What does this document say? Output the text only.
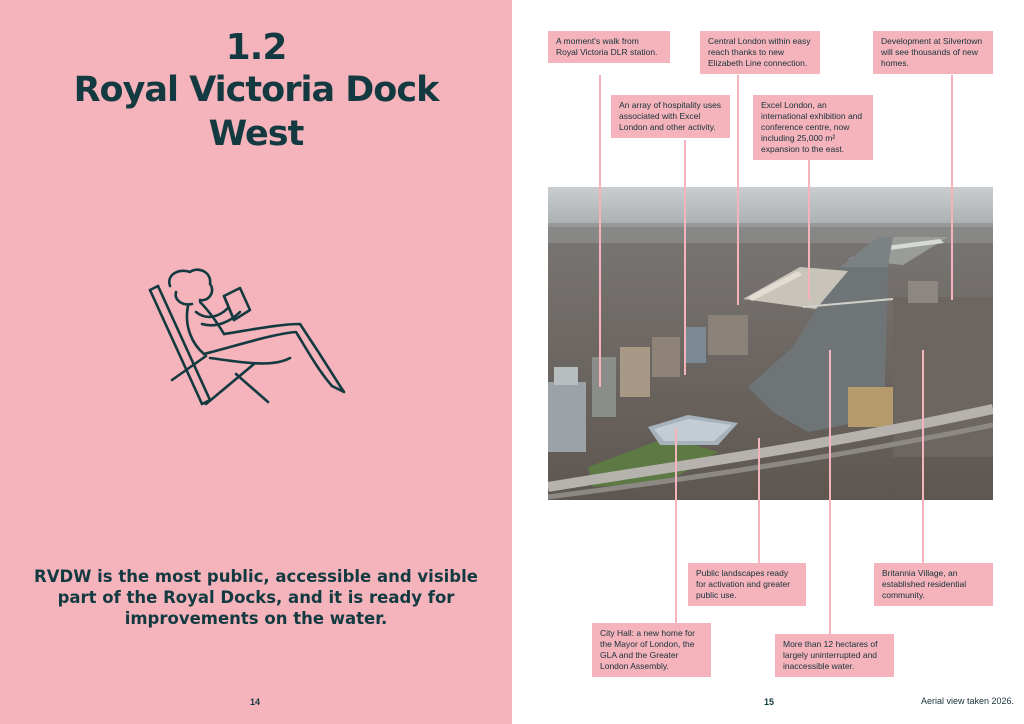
1.2
Royal Victoria Dock
West
RVDW is the most public, accessible and visible part of the Royal Docks, and it is ready for improvements on the water.
14
A moment's walk from Royal Victoria DLR station.
Central London within easy reach thanks to new Elizabeth Line connection.
Development at Silvertown will see thousands of new homes.
An array of hospitality uses associated with Excel London and other activity.
Excel London, an international exhibition and conference centre, now including 25,000 m² expansion to the east.
Public landscapes ready for activation and greater public use.
Britannia Village, an established residential community.
City Hall: a new home for the Mayor of London, the GLA and the Greater London Assembly.
More than 12 hectares of largely uninterrupted and inaccessible water.
15	Aerial view taken 2026.
